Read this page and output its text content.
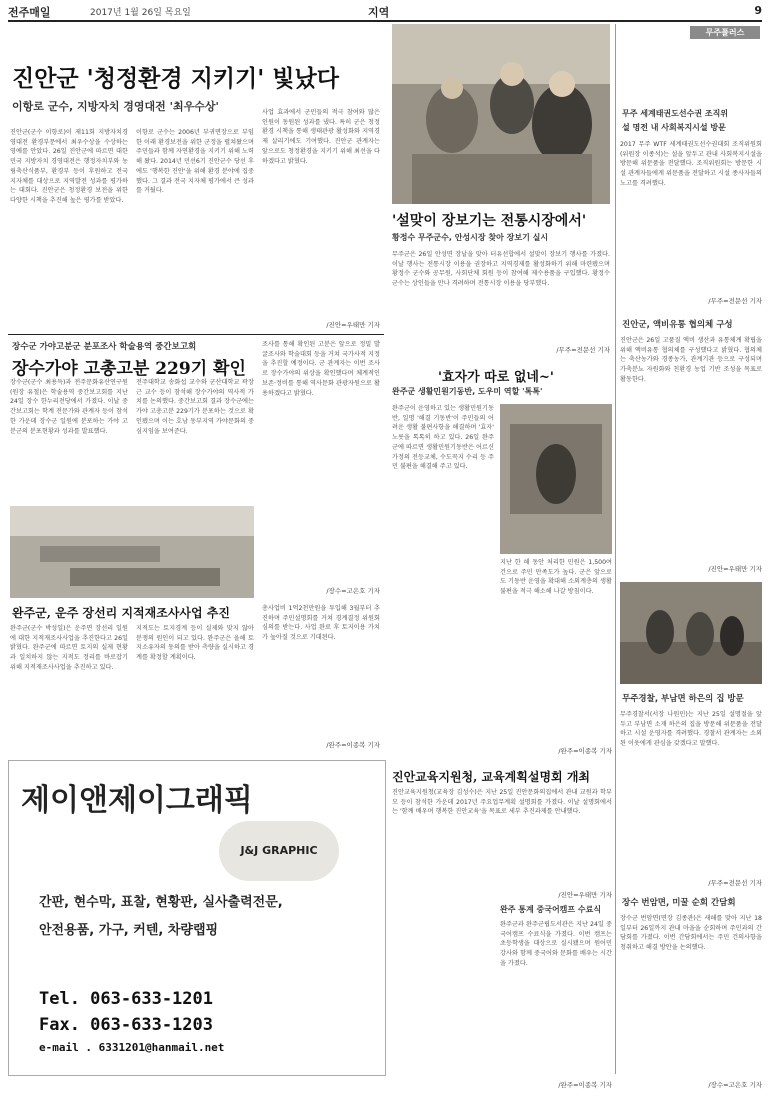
전주매일	2017년 1월 26일 목요일	지역	9
진안군 '청정환경 지키기' 빛났다
이항로 군수, 지방자치 경영대전 '최우수상'
진안군(군수 이항로)이 제11회 지방자치경영대전 환경부문에서 최우수상을 수상하는 영예를 안았다. 26일 진안군에 따르면 대한민국 지방자치 경영대전은 행정자치부와 농림축산식품부, 환경부 등이 후원하고 전국 지자체를 대상으로 지역발전 성과를 평가하는 대회다. 진안군은 청정환경 보전을 위한 다양한 시책을 추진해 높은 평가를 받았다.
이항로 군수는 2006년 부귀면장으로 부임한 이래 환경보전을 위한 군정을 펼쳐왔으며 주민들과 함께 자연환경을 지키기 위해 노력해 왔다. 2014년 민선6기 진안군수 당선 후에도 '행복한 진안'을 위해 환경 분야에 집중했다. 그 결과 전국 지자체 평가에서 큰 성과를 거뒀다.
사업 효과에서 군민들의 적극 참여와 많은 인원이 동원된 성과를 냈다. 특히 군은 청정환경 시책을 통해 생태관광 활성화와 지역경제 살리기에도 기여했다. 진안군 관계자는 앞으로도 청정환경을 지키기 위해 최선을 다하겠다고 밝혔다.
/진안=우태만 기자
'설맞이 장보기는 전통시장에서'
황정수 무주군수, 안성시장 찾아 장보기 실시
무주군은 26일 안성면 장날을 맞아 터유선합에서 설맞이 장보기 행사를 가졌다. 이날 행사는 전통시장 이용을 권장하고 지역경제를 활성화하기 위해 마련됐으며 황정수 군수와 공무원, 사회단체 회원 등이 참여해 제수용품을 구입했다. 황정수 군수는 상인들을 만나 격려하며 전통시장 이용을 당부했다.
/무주=전문선 기자
무주플러스
무주 세계태권도선수권 조직위
설 명전 내 사회복지시설 방문
2017 무주 WTF 세계태권도선수권대회 조직위원회(위원장 이종석)는 설을 앞두고 관내 사회복지시설을 방문해 위문품을 전달했다. 조직위원회는 방문한 시설 관계자들에게 위문품을 전달하고 시설 종사자들의 노고를 격려했다.
/무주=전문선 기자
진안군, 액비유통 협의체 구성
진안군은 26일 고품질 액비 생산과 유통체계 확립을 위해 액비유통 협의체를 구성했다고 밝혔다. 협의체는 축산농가와 경종농가, 관계기관 등으로 구성되며 가축분뇨 자원화와 친환경 농업 기반 조성을 목표로 활동한다.
/진안=우태만 기자
무주경찰, 부남면 하은의 집 방문
무주경찰서(서장 나원민)는 지난 25일 설명절을 앞두고 부남면 소재 하은의 집을 방문해 위문품을 전달하고 시설 운영자를 격려했다. 경찰서 관계자는 소외된 이웃에게 관심을 갖겠다고 말했다.
/무주=전문선 기자
장수 번암면, 미꿀 순회 간담회
장수군 번암면(면장 김종관)은 새해를 맞아 지난 18일부터 26일까지 관내 마을을 순회하며 주민과의 간담회를 가졌다. 이번 간담회에서는 주민 건의사항을 청취하고 해결 방안을 논의했다.
/장수=고은호 기자
장수군 가야고분군 분포조사 학술용역 중간보고회
장수가야 고총고분 229기 확인
장수군(군수 최용득)과 전주문화유산연구원(원장 유철)은 학술용역 중간보고회를 지난 24일 장수 한누리전당에서 가졌다. 이날 중간보고회는 학계 전문가와 관계자 등이 참석한 가운데 장수군 일원에 분포하는 가야 고분군의 분포현황과 성과를 발표했다.
전주대학교 송화섭 교수와 군산대학교 곽장근 교수 등이 참석해 장수가야의 역사적 가치를 논의했다. 중간보고회 결과 장수군에는 가야 고총고분 229기가 분포하는 것으로 확인됐으며 이는 호남 동부지역 가야문화의 중심지임을 보여준다.
조사를 통해 확인된 고분은 앞으로 정밀 발굴조사와 학술대회 등을 거쳐 국가사적 지정을 추진할 예정이다. 군 관계자는 이번 조사로 장수가야의 위상을 확인했다며 체계적인 보존·정비를 통해 역사문화 관광자원으로 활용하겠다고 밝혔다.
/장수=고은호 기자
완주군, 운주 장선리 지적재조사사업 추진
완주군(군수 박성일)은 운주면 장선리 일원에 대한 지적재조사사업을 추진한다고 26일 밝혔다. 완주군에 따르면 토지의 실제 현황과 일치하지 않는 지적도 정리를 바로잡기 위해 지적재조사사업을 추진하고 있다.
지적도는 토지경계 등이 실제와 맞지 않아 분쟁의 원인이 되고 있다. 완주군은 올해 토지소유자의 동의를 받아 측량을 실시하고 경계를 확정할 계획이다.
총사업비 1억2천만원을 투입해 3월부터 추진하며 주민설명회를 거쳐 경계결정 위원회 심의를 받는다. 사업 완료 후 토지이용 가치가 높아질 것으로 기대된다.
/완주=이종복 기자
'효자가 따로 없네~'
완주군 생활민원기동반, 도우미 역할 '톡톡'
완주군이 운영하고 있는 생활민원기동반, 일명 '해결 기동반'이 주민들의 어려운 생활 불편사항을 해결하며 '효자' 노릇을 톡톡히 하고 있다. 26일 완주군에 따르면 생활민원기동반은 어르신 가정의 전등교체, 수도꼭지 수리 등 주민 불편을 해결해 주고 있다.
지난 한 해 동안 처리한 민원은 1,500여건으로 주민 만족도가 높다. 군은 앞으로도 기동반 운영을 확대해 소외계층의 생활불편을 적극 해소해 나갈 방침이다.
/완주=이종복 기자
제이앤제이그래픽
J&J GRAPHIC
간판, 현수막, 표찰, 현황판, 실사출력전문,
안전용품, 가구, 커텐, 차량랩핑
Tel. 063-633-1201
Fax. 063-633-1203
e-mail . 6331201@hanmail.net
진안교육지원청, 교육계획설명회 개최
진안교육지원청(교육장 김성수)은 지난 25일 진안문화의집에서 관내 교원과 학부모 등이 참석한 가운데 2017년 주요업무계획 설명회를 가졌다. 이날 설명회에서는 '함께 배우며 행복한 진안교육'을 목표로 세부 추진과제를 안내했다.
/진안=우태만 기자
완주 통계 중국어캠프 수료식
완주군과 완주군립도서관은 지난 24일 중국어캠프 수료식을 가졌다. 이번 캠프는 초등학생을 대상으로 실시됐으며 원어민 강사와 함께 중국어와 문화를 배우는 시간을 가졌다.
/완주=이종복 기자
